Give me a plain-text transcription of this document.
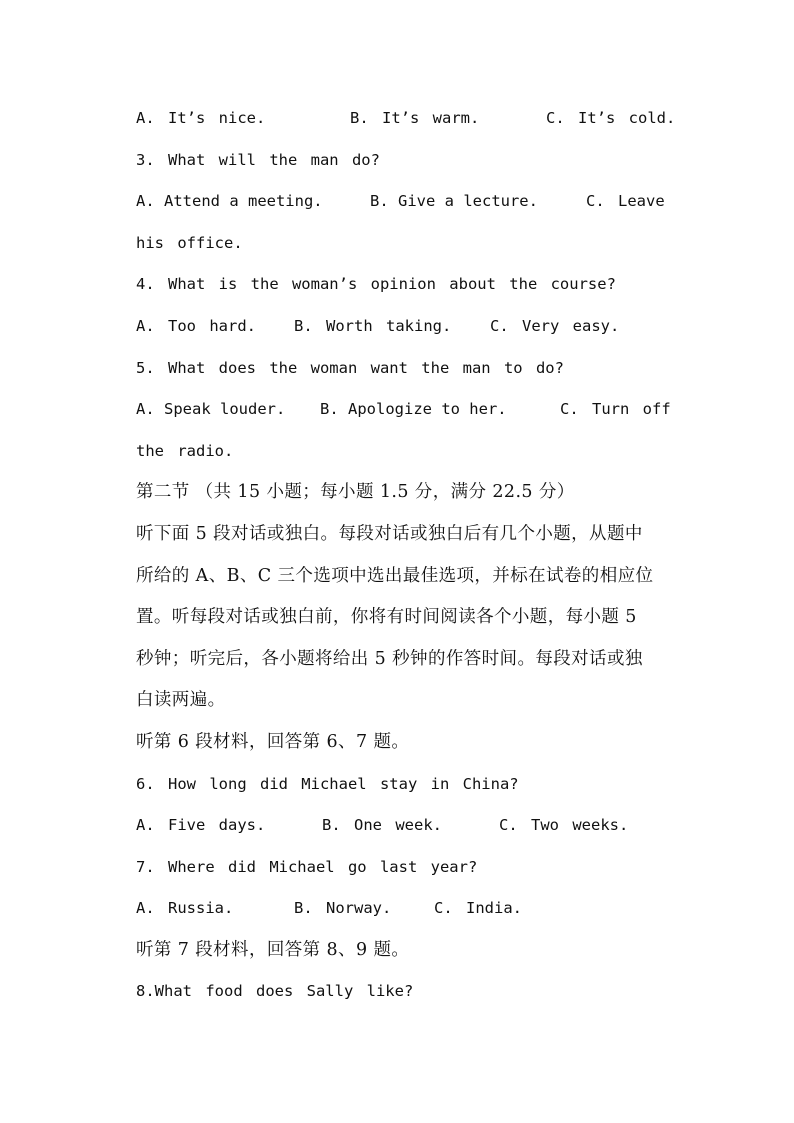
A. It’s nice.	B. It’s warm.	C. It’s cold.
3. What will the man do?
A. Attend a meeting.	B. Give a lecture.	C. Leave
his office.
4. What is the woman’s opinion about the course?
A. Too hard. B. Worth taking. C. Very easy.
5. What does the woman want the man to do?
A. Speak louder. B. Apologize to her.	C. Turn off
the radio.
第二节 （共 15 小题；每小题 1.5 分，满分 22.5 分）
听下面 5 段对话或独白。每段对话或独白后有几个小题，从题中
所给的 A、B、C 三个选项中选出最佳选项，并标在试卷的相应位
置。听每段对话或独白前，你将有时间阅读各个小题，每小题 5
秒钟；听完后，各小题将给出 5 秒钟的作答时间。每段对话或独
白读两遍。
听第 6 段材料，回答第 6、7 题。
6. How long did Michael stay in China?
A. Five days.	B. One week.	C. Two weeks.
7. Where did Michael go last year?
A. Russia.	B. Norway.	C. India.
听第 7 段材料，回答第 8、9 题。
8.What food does Sally like?
